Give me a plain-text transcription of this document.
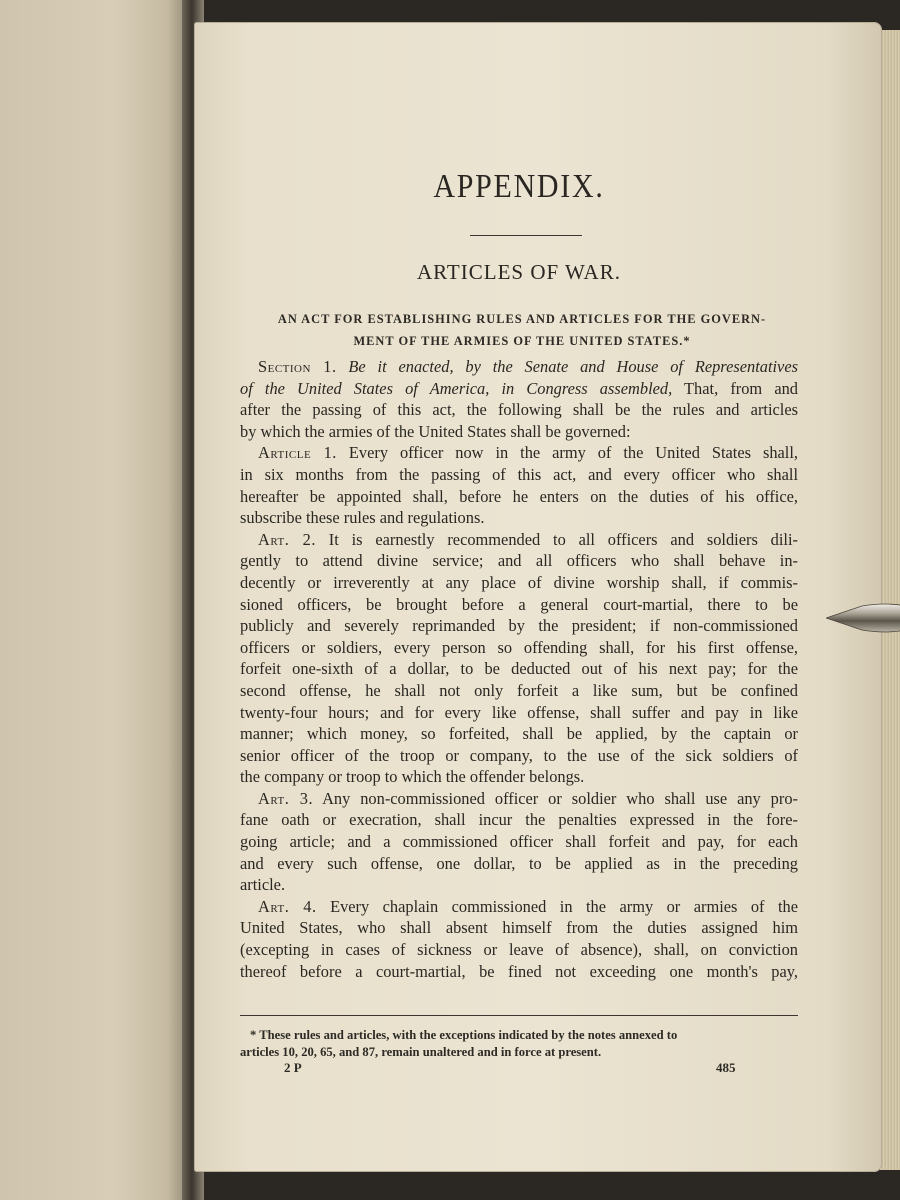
APPENDIX.
ARTICLES OF WAR.
AN ACT FOR ESTABLISHING RULES AND ARTICLES FOR THE GOVERN-
MENT OF THE ARMIES OF THE UNITED STATES.*
Section 1. Be it enacted, by the Senate and House of Representatives
of the United States of America, in Congress assembled, That, from and
after the passing of this act, the following shall be the rules and articles
by which the armies of the United States shall be governed:
Article 1. Every officer now in the army of the United States shall,
in six months from the passing of this act, and every officer who shall
hereafter be appointed shall, before he enters on the duties of his office,
subscribe these rules and regulations.
Art. 2. It is earnestly recommended to all officers and soldiers dili-
gently to attend divine service; and all officers who shall behave in-
decently or irreverently at any place of divine worship shall, if commis-
sioned officers, be brought before a general court-martial, there to be
publicly and severely reprimanded by the president; if non-commissioned
officers or soldiers, every person so offending shall, for his first offense,
forfeit one-sixth of a dollar, to be deducted out of his next pay; for the
second offense, he shall not only forfeit a like sum, but be confined
twenty-four hours; and for every like offense, shall suffer and pay in like
manner; which money, so forfeited, shall be applied, by the captain or
senior officer of the troop or company, to the use of the sick soldiers of
the company or troop to which the offender belongs.
Art. 3. Any non-commissioned officer or soldier who shall use any pro-
fane oath or execration, shall incur the penalties expressed in the fore-
going article; and a commissioned officer shall forfeit and pay, for each
and every such offense, one dollar, to be applied as in the preceding
article.
Art. 4. Every chaplain commissioned in the army or armies of the
United States, who shall absent himself from the duties assigned him
(excepting in cases of sickness or leave of absence), shall, on conviction
thereof before a court-martial, be fined not exceeding one month's pay,
* These rules and articles, with the exceptions indicated by the notes annexed to
articles 10, 20, 65, and 87, remain unaltered and in force at present.
2 P	485
